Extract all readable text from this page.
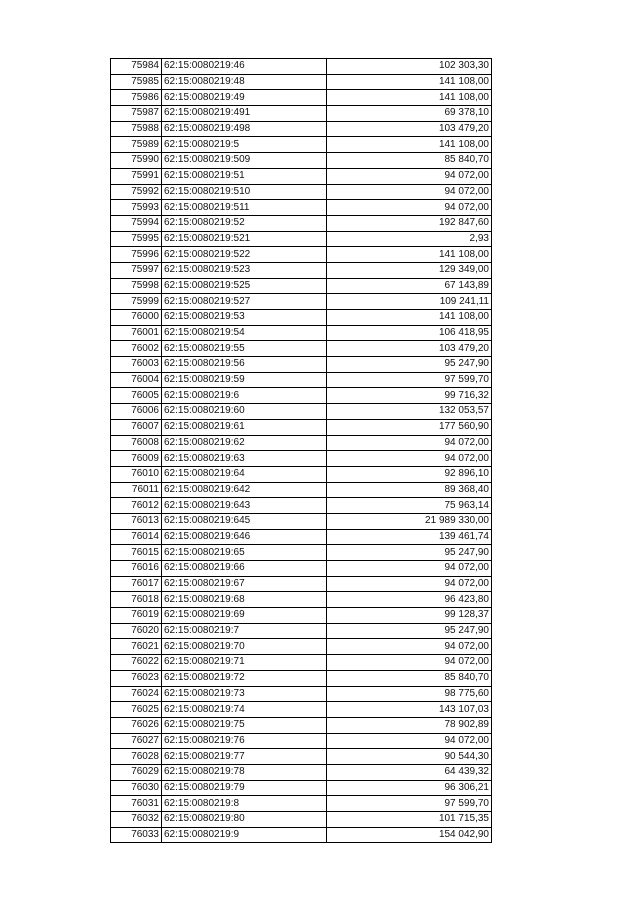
75984	62:15:0080219:46	102 303,30
75985	62:15:0080219:48	141 108,00
75986	62:15:0080219:49	141 108,00
75987	62:15:0080219:491	69 378,10
75988	62:15:0080219:498	103 479,20
75989	62:15:0080219:5	141 108,00
75990	62:15:0080219:509	85 840,70
75991	62:15:0080219:51	94 072,00
75992	62:15:0080219:510	94 072,00
75993	62:15:0080219:511	94 072,00
75994	62:15:0080219:52	192 847,60
75995	62:15:0080219:521	2,93
75996	62:15:0080219:522	141 108,00
75997	62:15:0080219:523	129 349,00
75998	62:15:0080219:525	67 143,89
75999	62:15:0080219:527	109 241,11
76000	62:15:0080219:53	141 108,00
76001	62:15:0080219:54	106 418,95
76002	62:15:0080219:55	103 479,20
76003	62:15:0080219:56	95 247,90
76004	62:15:0080219:59	97 599,70
76005	62:15:0080219:6	99 716,32
76006	62:15:0080219:60	132 053,57
76007	62:15:0080219:61	177 560,90
76008	62:15:0080219:62	94 072,00
76009	62:15:0080219:63	94 072,00
76010	62:15:0080219:64	92 896,10
76011	62:15:0080219:642	89 368,40
76012	62:15:0080219:643	75 963,14
76013	62:15:0080219:645	21 989 330,00
76014	62:15:0080219:646	139 461,74
76015	62:15:0080219:65	95 247,90
76016	62:15:0080219:66	94 072,00
76017	62:15:0080219:67	94 072,00
76018	62:15:0080219:68	96 423,80
76019	62:15:0080219:69	99 128,37
76020	62:15:0080219:7	95 247,90
76021	62:15:0080219:70	94 072,00
76022	62:15:0080219:71	94 072,00
76023	62:15:0080219:72	85 840,70
76024	62:15:0080219:73	98 775,60
76025	62:15:0080219:74	143 107,03
76026	62:15:0080219:75	78 902,89
76027	62:15:0080219:76	94 072,00
76028	62:15:0080219:77	90 544,30
76029	62:15:0080219:78	64 439,32
76030	62:15:0080219:79	96 306,21
76031	62:15:0080219:8	97 599,70
76032	62:15:0080219:80	101 715,35
76033	62:15:0080219:9	154 042,90
